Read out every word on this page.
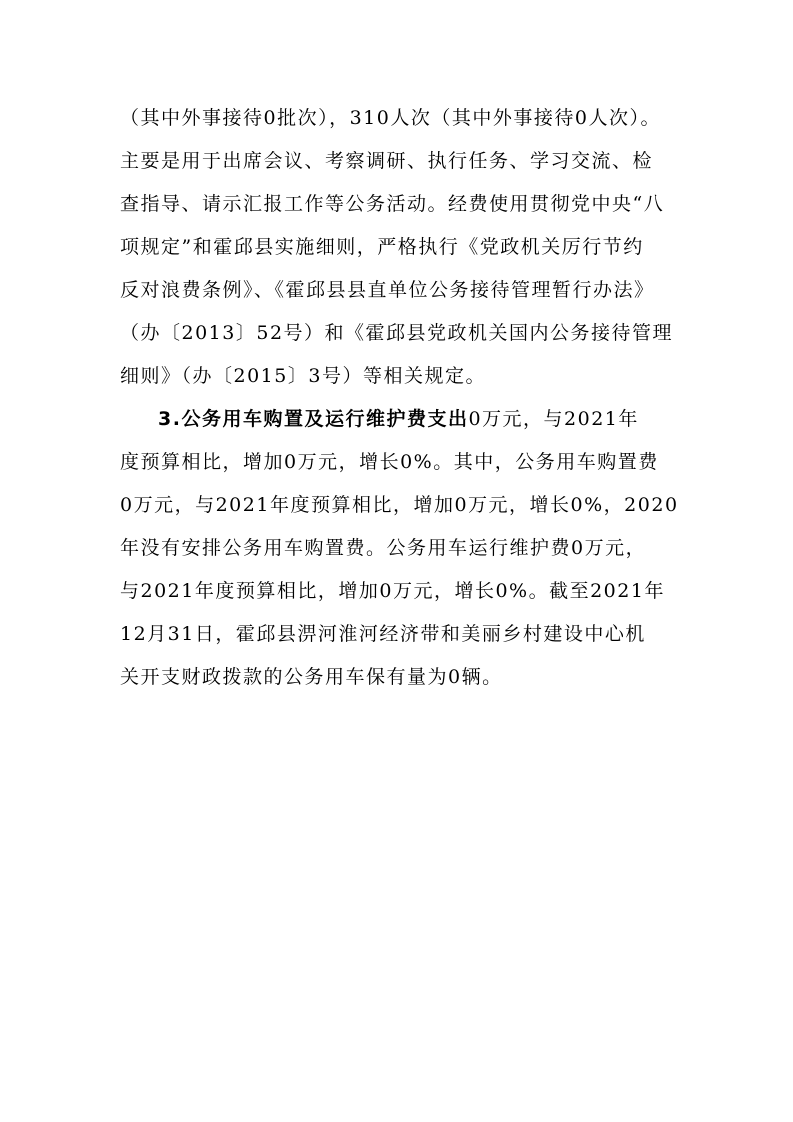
（其中外事接待0批次），310人次（其中外事接待0人次）。
主要是用于出席会议、考察调研、执行任务、学习交流、检
查指导、请示汇报工作等公务活动。经费使用贯彻党中央“八
项规定”和霍邱县实施细则，严格执行《党政机关厉行节约
反对浪费条例》、《霍邱县县直单位公务接待管理暂行办法》
（办〔2013〕52号）和《霍邱县党政机关国内公务接待管理
细则》（办〔2015〕3号）等相关规定。
3.公务用车购置及运行维护费支出0万元，与2021年
度预算相比，增加0万元，增长0%。其中，公务用车购置费
0万元，与2021年度预算相比，增加0万元，增长0%，2020
年没有安排公务用车购置费。公务用车运行维护费0万元，
与2021年度预算相比，增加0万元，增长0%。截至2021年
12月31日，霍邱县淠河淮河经济带和美丽乡村建设中心机
关开支财政拨款的公务用车保有量为0辆。
